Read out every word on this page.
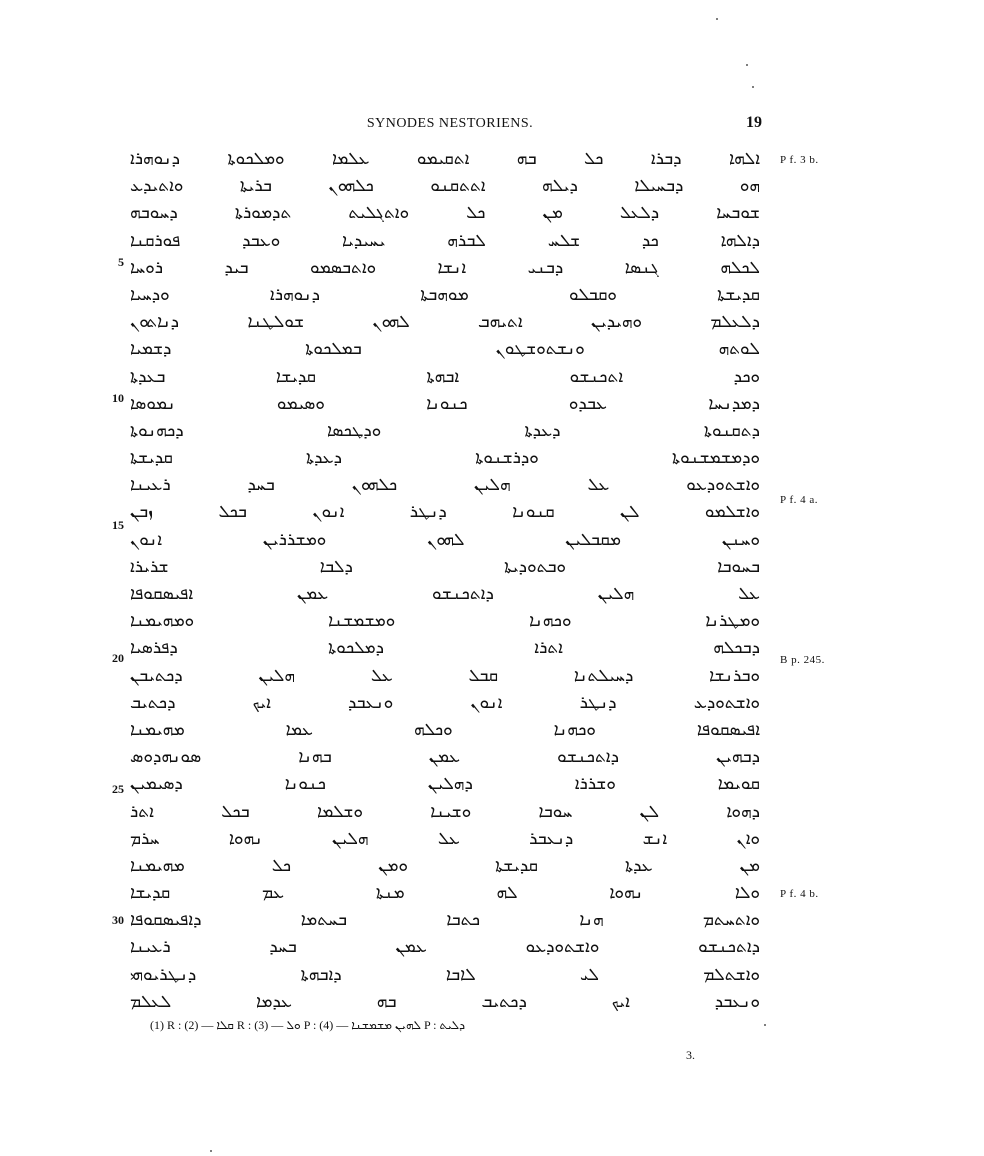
SYNODES NESTORIENS.	19
ܐܠܗܐ ܕܒܪܐ ܟܠ ܒܗ ܐܬܩܝܡܘ ܥܠܡܐ ܘܡܠܟܘܬܐ ܕܢܘܗܪܐ
ܗܘ ܕܒܚܝܠܐ ܕܝܠܗ ܐܬܬܩܢܘ ܟܠܗܘܢ ܒܪܝܬܐ ܘܐܬܝܕܥ
ܫܘܒܚܐ ܕܠܥܠ ܡܢ ܟܠ ܘܐܬܓܠܝܬ ܬܕܡܘܪܬܐ ܕܚܘܒܗ
ܕܐܠܗܐ ܟܕ ܫܠܚ ܠܒܪܗ ܝܚܝܕܝܐ ܘܥܒܕ ܦܘܪܩܢܐ
ܠܟܠܗ ܓܢܣܐ ܕܒܢܝ ܐܢܫܐ ܘܐܬܒܣܡܘ ܒܝܕ ܪܘܚܐ
ܩܕܝܫܬܐ ܘܩܒܠܘ ܡܘܗܒܬܐ ܕܢܘܗܪܐ ܘܕܚܝܐ
ܕܠܥܠܡ ܘܗܝܕܝܢ ܐܬܝܗܒ ܠܗܘܢ ܫܘܠܛܢܐ ܕܢܐܬܘܢ
ܠܘܬܗ ܘܢܫܬܘܫܛܘܢ ܒܡܠܟܘܬܐ ܕܫܡܝܐ
ܘܟܕ ܐܬܟܢܫܘ ܐܒܗܬܐ ܩܕܝܫܐ ܒܥܕܬܐ
ܕܡܕܢܚܐ ܥܒܕܘ ܟܢܘܢܐ ܘܣܝܡܘ ܢܡܘܣܐ
ܕܬܩܢܘܬܐ ܕܥܕܬܐ ܘܕܛܟܣܐ ܕܟܗܢܘܬܐ
ܘܕܡܫܡܫܢܘܬܐ ܘܕܪܫܢܘܬܐ ܕܥܕܬܐ ܩܕܝܫܬܐ
ܘܐܫܬܘܕܥܘ ܥܠ ܗܠܝܢ ܟܠܗܘܢ ܒܚܕ ܪܥܝܢܐ
ܘܐܫܠܡܘ ܠܢ ܩܢܘܢܐ ܕܢܛܪ ܐܢܘܢ ܒܟܠ ܙܒܢ
ܘܚܢܢ ܡܩܒܠܝܢ ܠܗܘܢ ܘܡܫܪܪܝܢ ܐܢܘܢ
ܒܚܘܒܐ ܘܒܬܘܕܝܬܐ ܕܠܒܐ ܫܪܝܪܐ
ܥܠ ܗܠܝܢ ܕܐܬܟܢܫܘ ܥܡܢ ܐܦܝܣܩܘܦܐ
ܘܡܛܪܢܐ ܘܟܗܢܐ ܘܡܫܡܫܢܐ ܘܡܗܝܡܢܐ
ܕܒܟܠܗ ܐܬܪܐ ܕܡܠܟܘܬܐ ܕܦܪܣܝܐ
ܘܒܪܢܫܐ ܕܚܝܠܬܢܐ ܩܒܠ ܥܠ ܗܠܝܢ ܕܟܬܝܒܢ
ܘܐܫܬܘܕܥ ܕܢܛܪ ܐܢܘܢ ܘܢܥܒܕ ܐܝܟ ܕܟܬܝܒ
ܐܦܝܣܩܘܦܐ ܘܟܗܢܐ ܘܟܠܗ ܥܡܐ ܡܗܝܡܢܐ
ܕܒܗܝܢ ܕܐܬܟܢܫܘ ܥܡܢ ܒܗܢܐ ܣܘܢܗܕܘܣ
ܩܘܝܡܐ ܘܫܪܪܐ ܕܗܠܝܢ ܟܢܘܢܐ ܕܣܝܡܝܢ
ܕܗܘܐ ܠܢ ܚܘܒܐ ܘܫܝܢܐ ܘܫܠܡܐ ܒܟܠ ܐܬܪ
ܘܐܢ ܐܢܫ ܕܢܥܒܪ ܥܠ ܗܠܝܢ ܢܗܘܐ ܚܪܡ
ܡܢ ܥܕܬܐ ܩܕܝܫܬܐ ܘܡܢ ܟܠ ܡܗܝܡܢܐ
ܘܠܐ ܢܗܘܐ ܠܗ ܡܢܬܐ ܥܡ ܩܕܝܫܐ
ܘܐܬܚܬܡ ܗܢܐ ܟܬܒܐ ܒܚܬܡܐ ܕܐܦܝܣܩܘܦܐ
ܕܐܬܟܢܫܘ ܘܐܫܬܘܕܥܘ ܥܡܢ ܒܚܕ ܪܥܝܢܐ
ܘܐܫܬܠܡ ܠܝ ܠܐܒܐ ܕܐܒܗܬܐ ܕܢܛܪܝܘܗܝ
ܘܢܥܒܕ ܐܝܟ ܕܟܬܝܒ ܒܗ ܥܕܡܐ ܠܥܠܡ
5
10
15
20
25
30
P f. 3 b.
P f. 4 a.
B p. 245.
P f. 4 b.
(1) R : ܩܠܐ — (2) R : ܘܠ — (3) P : ܠܗܝܢ ܡܫܡܫܢܐ — (4) P : ܕܠܝܬ
3.
